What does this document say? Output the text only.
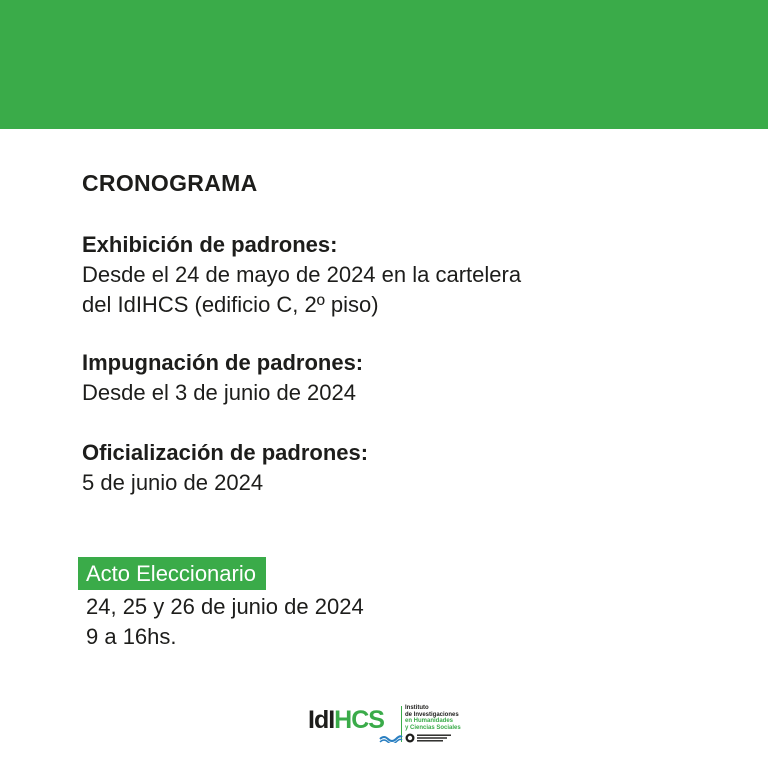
CRONOGRAMA
Exhibición de padrones:
Desde el 24 de mayo de 2024 en la cartelera
del IdIHCS (edificio C, 2º piso)
Impugnación de padrones:
Desde el 3 de junio de 2024
Oficialización de padrones:
5 de junio de 2024
Acto Eleccionario
24, 25 y 26 de junio de 2024
9 a 16hs.
IdIHCS	Instituto
de Investigaciones
en Humanidades
y Ciencias Sociales
